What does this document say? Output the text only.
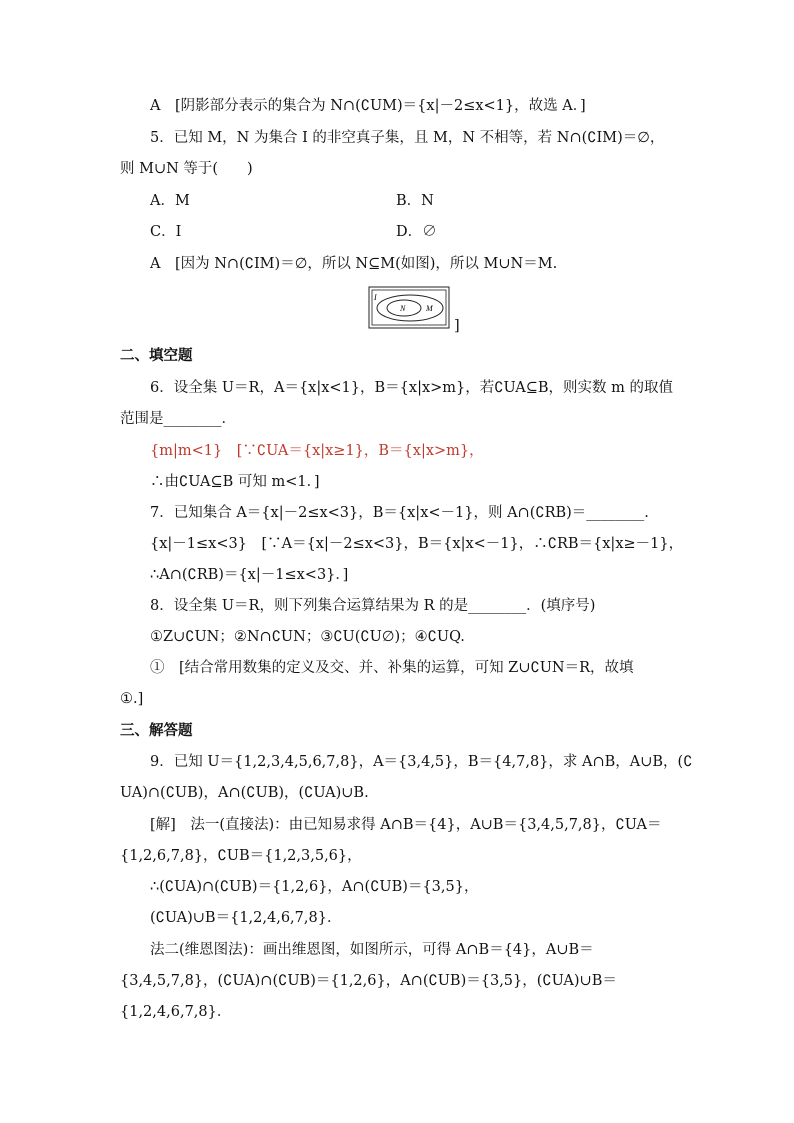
A　[阴影部分表示的集合为 N∩(∁UM)＝{x|－2≤x<1}，故选 A．]
5．已知 M，N 为集合 I 的非空真子集，且 M，N 不相等，若 N∩(∁IM)＝∅，
则 M∪N 等于(　　)
A．M	B．N
C．I	D．∅
A　[因为 N∩(∁IM)＝∅，所以 N⊆M(如图)，所以 M∪N＝M.
I
N	M
]
二、填空题
6．设全集 U＝R，A＝{x|x<1}，B＝{x|x>m}，若∁UA⊆B，则实数 m 的取值
范围是________．
{m|m<1}　[∵∁UA＝{x|x≥1}，B＝{x|x>m}，
∴由∁UA⊆B 可知 m<1．]
7．已知集合 A＝{x|－2≤x<3}，B＝{x|x<－1}，则 A∩(∁RB)＝________.
{x|－1≤x<3}　[∵A＝{x|－2≤x<3}，B＝{x|x<－1}，∴∁RB＝{x|x≥－1}，
∴A∩(∁RB)＝{x|－1≤x<3}．]
8．设全集 U＝R，则下列集合运算结果为 R 的是________．(填序号)
①Z∪∁UN；②N∩∁UN；③∁U(∁U∅)；④∁UQ.
①　[结合常用数集的定义及交、并、补集的运算，可知 Z∪∁UN＝R，故填
①.]
三、解答题
9．已知 U＝{1,2,3,4,5,6,7,8}，A＝{3,4,5}，B＝{4,7,8}，求 A∩B，A∪B，(∁
UA)∩(∁UB)，A∩(∁UB)，(∁UA)∪B.
[解]　法一(直接法)：由已知易求得 A∩B＝{4}，A∪B＝{3,4,5,7,8}，∁UA＝
{1,2,6,7,8}，∁UB＝{1,2,3,5,6}，
∴(∁UA)∩(∁UB)＝{1,2,6}，A∩(∁UB)＝{3,5}，
(∁UA)∪B＝{1,2,4,6,7,8}．
法二(维恩图法)：画出维恩图，如图所示，可得 A∩B＝{4}，A∪B＝
{3,4,5,7,8}，(∁UA)∩(∁UB)＝{1,2,6}，A∩(∁UB)＝{3,5}，(∁UA)∪B＝
{1,2,4,6,7,8}．
